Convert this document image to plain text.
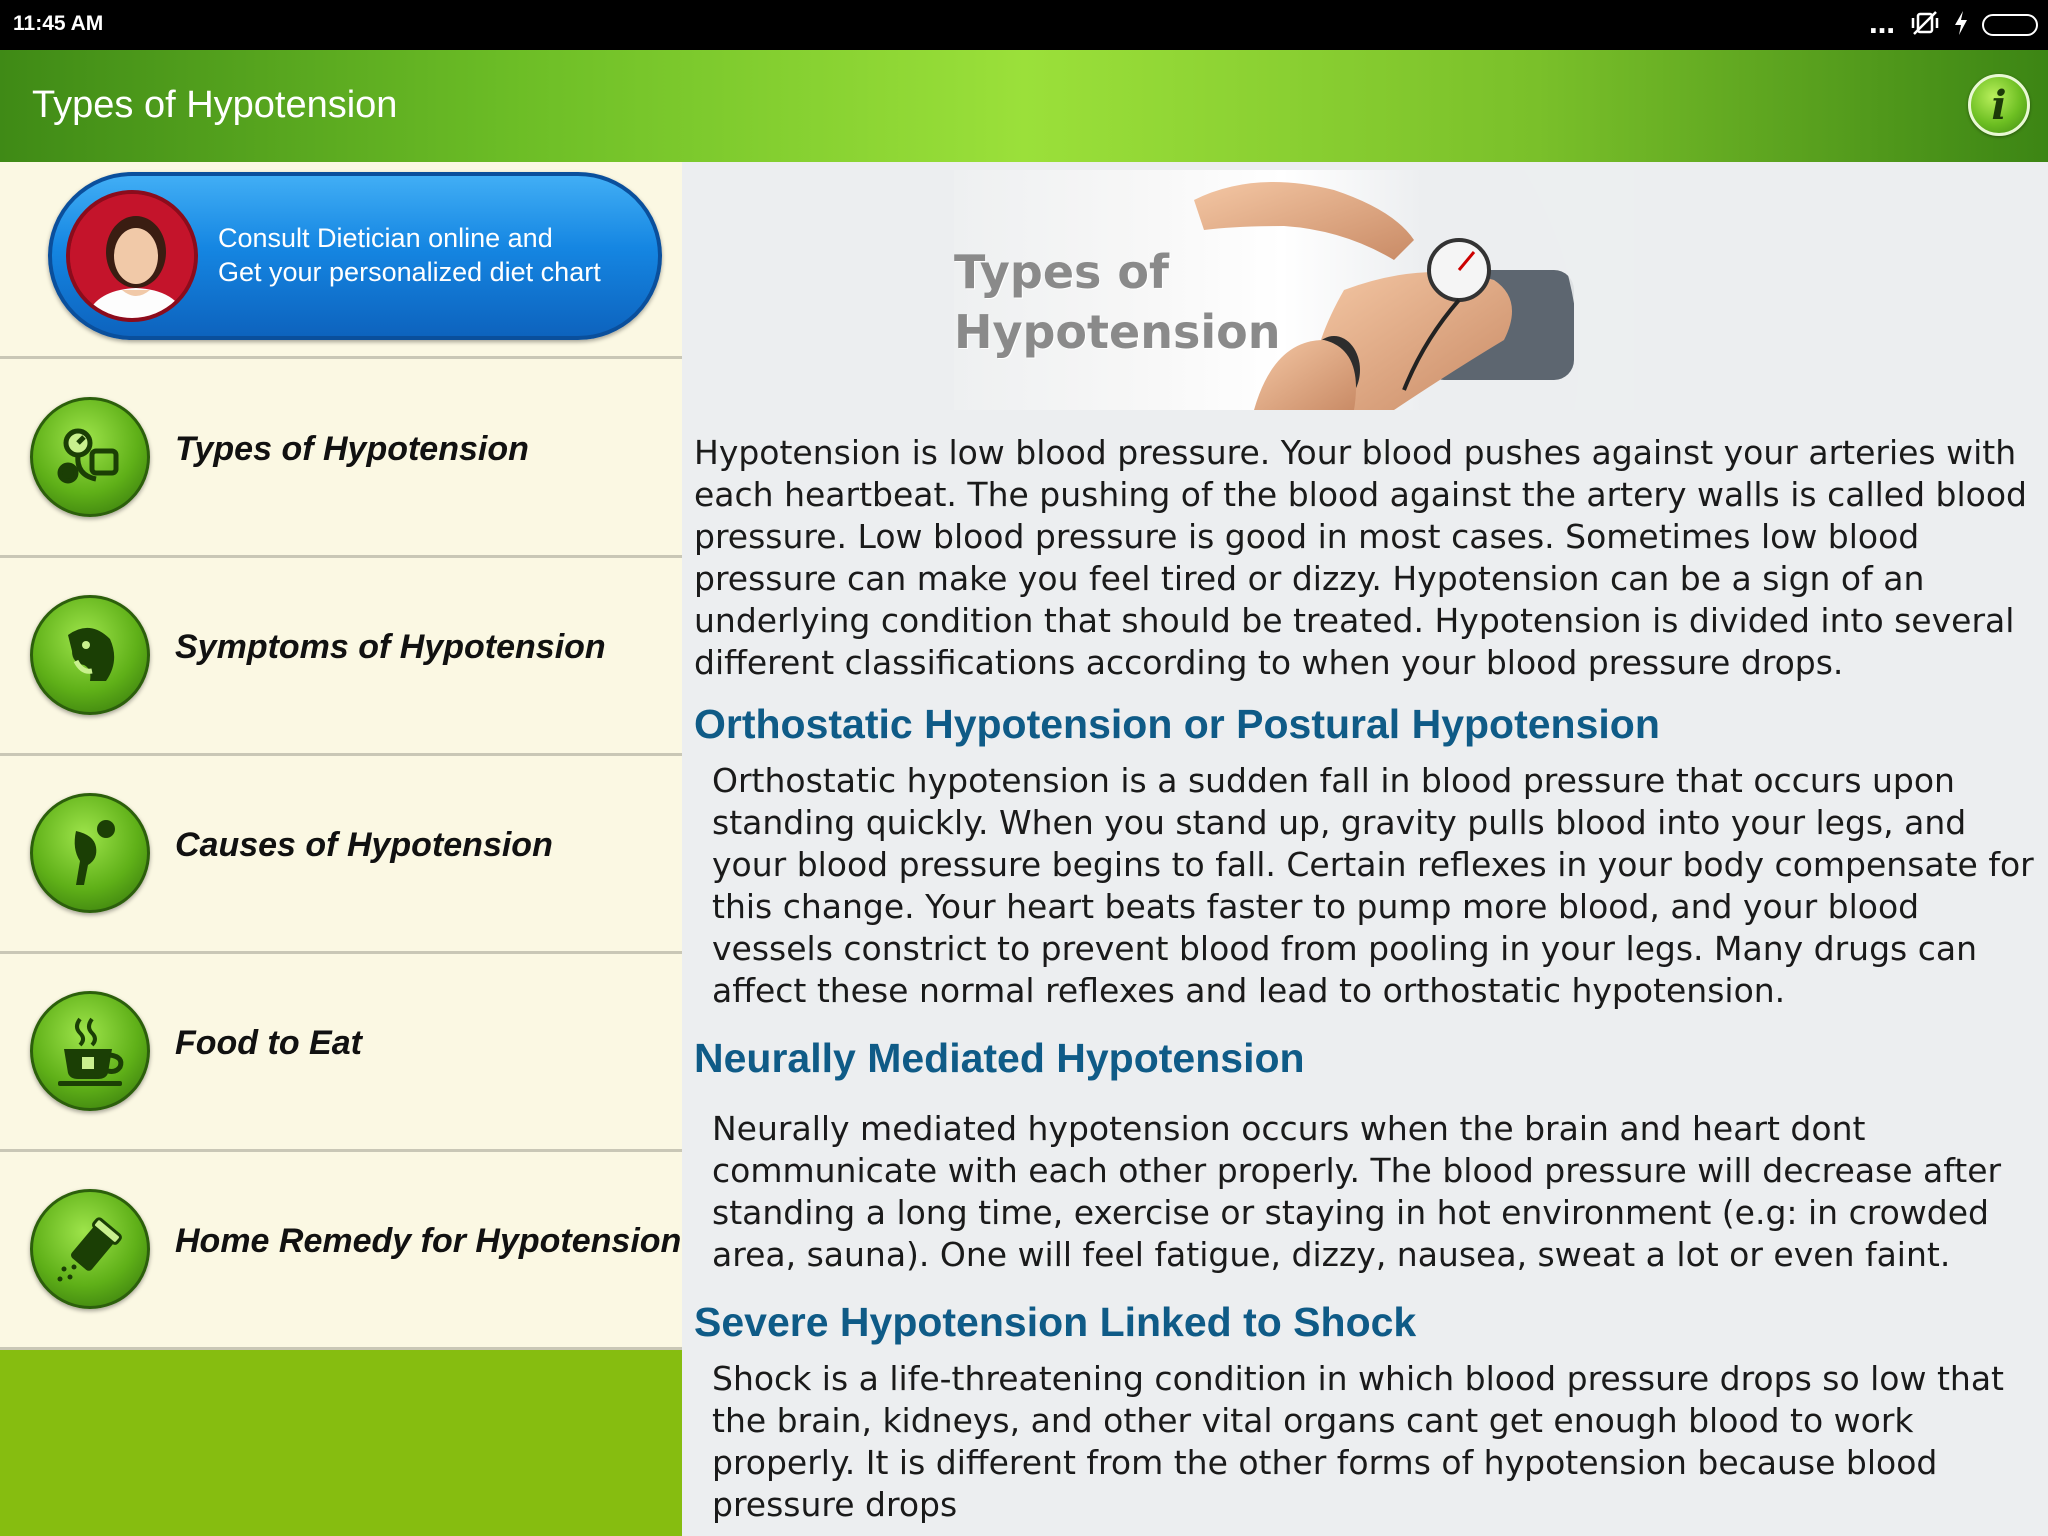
11:45 AM	…
Types of Hypotension	i
Consult Dietician online and
Get your personalized diet chart
Types of Hypotension
Symptoms of Hypotension
Causes of Hypotension
Food to Eat
Home Remedy for Hypotension
Types of
Hypotension

Hypotension is low blood pressure. Your blood pushes against your arteries with each heartbeat. The pushing of the blood against the artery walls is called blood pressure. Low blood pressure is good in most cases. Sometimes low blood pressure can make you feel tired or dizzy. Hypotension can be a sign of an underlying condition that should be treated. Hypotension is divided into several different classifications according to when your blood pressure drops.

Orthostatic Hypotension or Postural Hypotension

Orthostatic hypotension is a sudden fall in blood pressure that occurs upon standing quickly. When you stand up, gravity pulls blood into your legs, and your blood pressure begins to fall. Certain reflexes in your body compensate for this change. Your heart beats faster to pump more blood, and your blood vessels constrict to prevent blood from pooling in your legs. Many drugs can affect these normal reflexes and lead to orthostatic hypotension.

Neurally Mediated Hypotension

Neurally mediated hypotension occurs when the brain and heart dont communicate with each other properly. The blood pressure will decrease after standing a long time, exercise or staying in hot environment (e.g: in crowded area, sauna). One will feel fatigue, dizzy, nausea, sweat a lot or even faint.

Severe Hypotension Linked to Shock

Shock is a life-threatening condition in which blood pressure drops so low that the brain, kidneys, and other vital organs cant get enough blood to work properly. It is different from the other forms of hypotension because blood pressure drops
